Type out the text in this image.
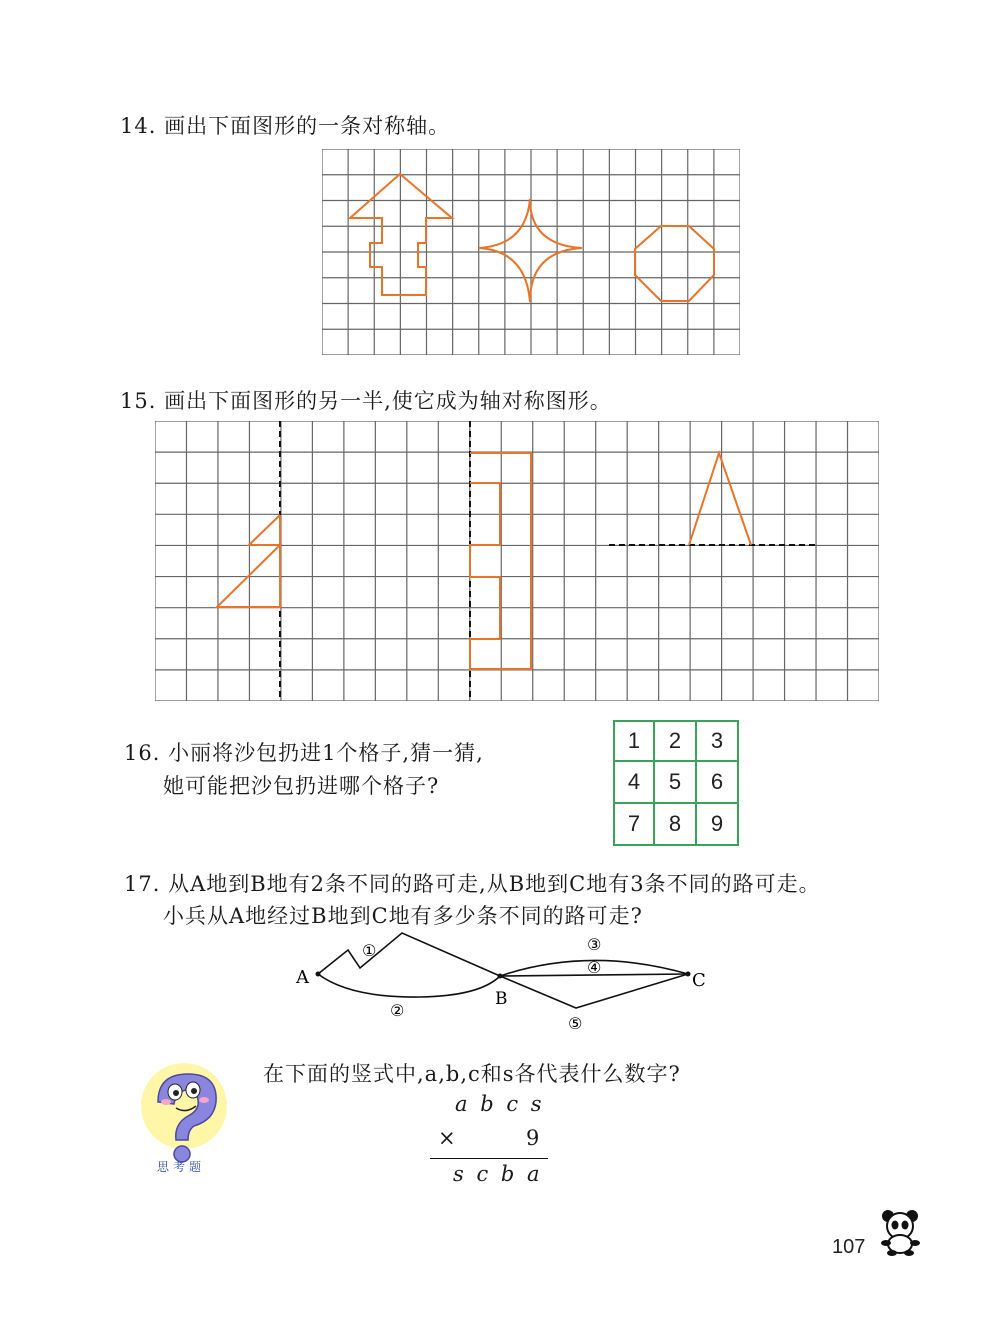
14. 画出下面图形的一条对称轴。
15. 画出下面图形的另一半,使它成为轴对称图形。
16. 小丽将沙包扔进1个格子,猜一猜,
她可能把沙包扔进哪个格子?
1	2	3
4	5	6
7	8	9
17. 从A地到B地有2条不同的路可走,从B地到C地有3条不同的路可走。
小兵从A地经过B地到C地有多少条不同的路可走?
A
B
C
①
②
③
④
⑤
思考题
在下面的竖式中,a,b,c和s各代表什么数字?
a b c s
×	9
s c b a
107
